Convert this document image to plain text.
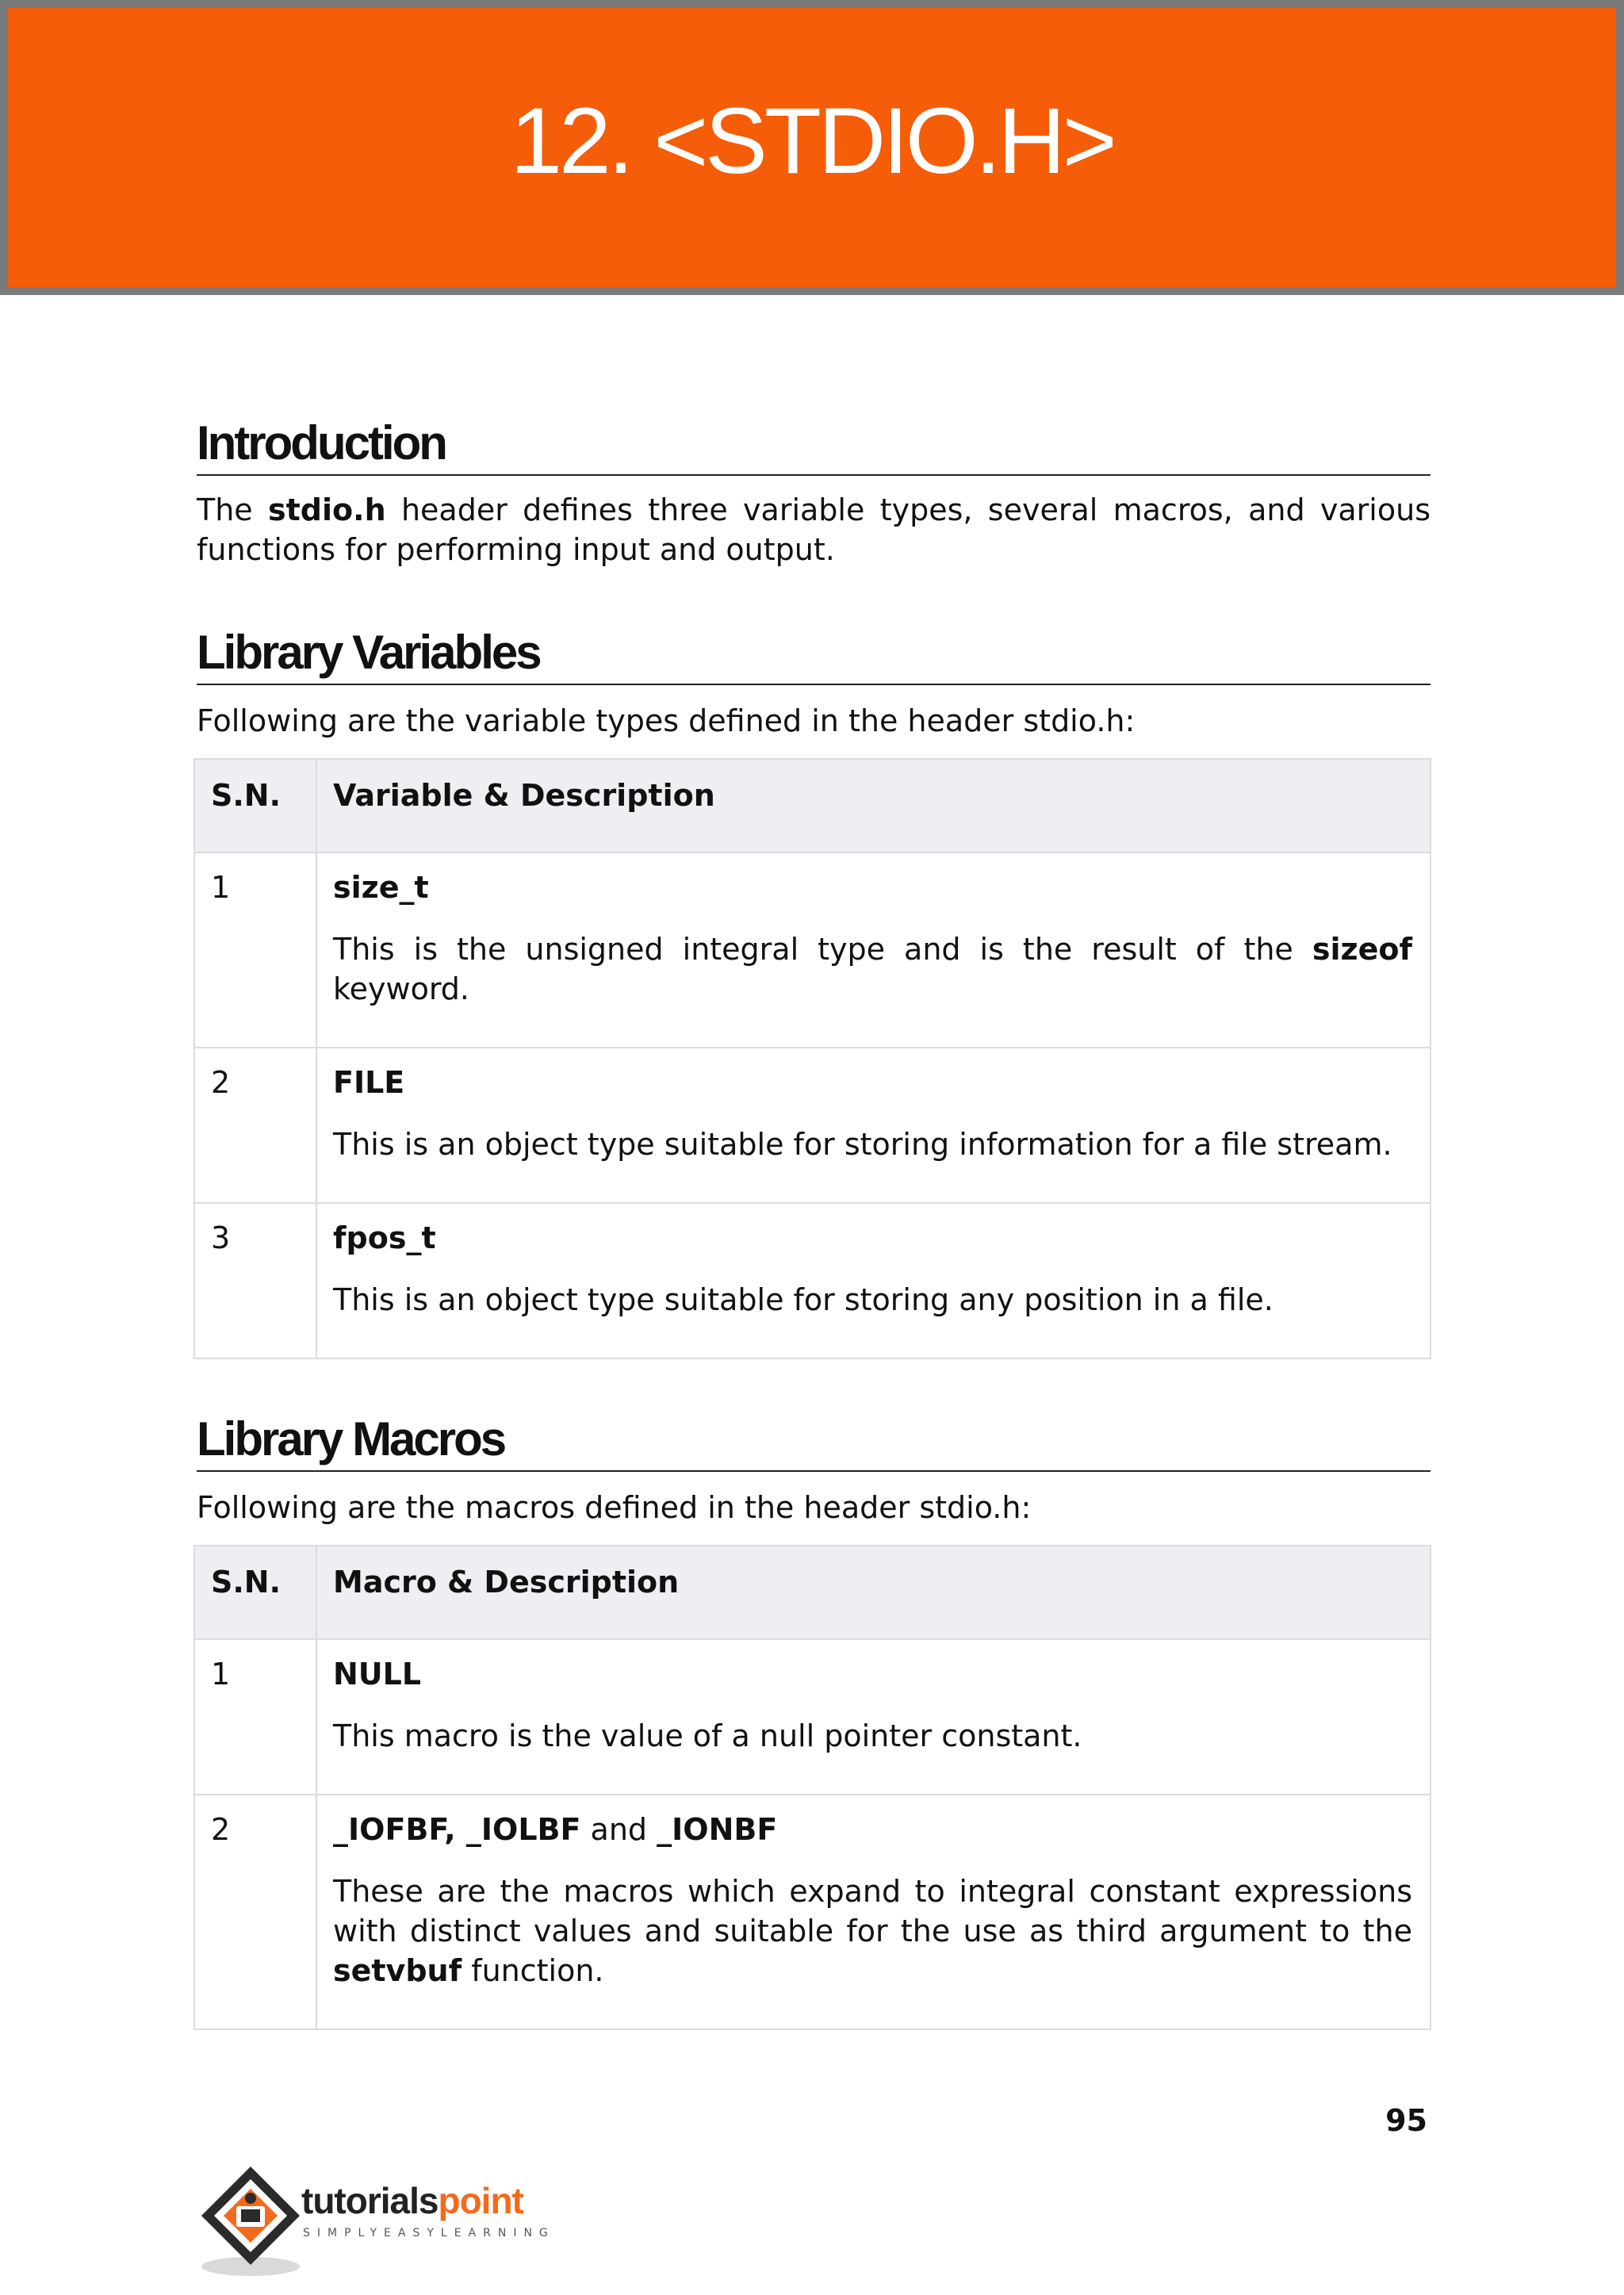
12. <STDIO.H>
Introduction

The stdio.h header defines three variable types, several macros, and various functions for performing input and output.

Library Variables

Following are the variable types defined in the header stdio.h:

S.N.	Variable & Description
1	size_t
This is the unsigned integral type and is the result of the sizeof keyword.

2	FILE
This is an object type suitable for storing information for a file stream.

3	fpos_t
This is an object type suitable for storing any position in a file.
Library Macros

Following are the macros defined in the header stdio.h:

S.N.	Macro & Description
1	NULL
This macro is the value of a null pointer constant.

2	_IOFBF, _IOLBF and _IONBF
These are the macros which expand to integral constant expressions with distinct values and suitable for the use as third argument to the setvbuf function.
95
tutorialspoint
SIMPLYEASYLEARNING
